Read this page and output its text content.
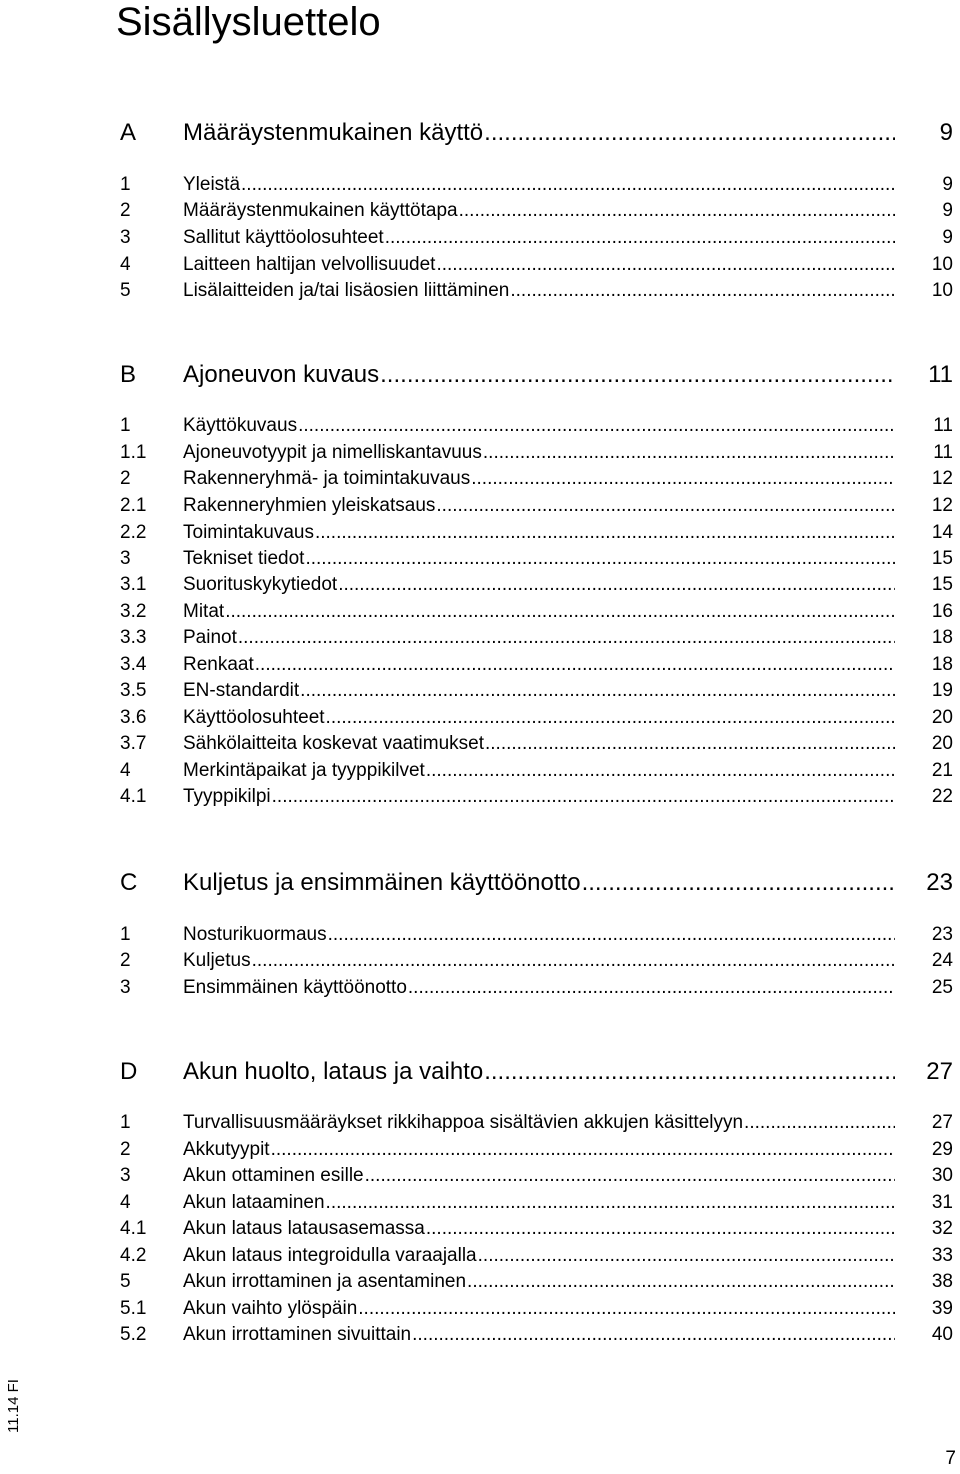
Sisällysluettelo
A	Määräystenmukainen käyttö .....	9
1	Yleistä .....	9
2	Määräystenmukainen käyttötapa .....	9
3	Sallitut käyttöolosuhteet .....	9
4	Laitteen haltijan velvollisuudet .....	10
5	Lisälaitteiden ja/tai lisäosien liittäminen .....	10
B	Ajoneuvon kuvaus .....	11
1	Käyttökuvaus .....	11
1.1	Ajoneuvotyypit ja nimelliskantavuus .....	11
2	Rakenneryhmä- ja toimintakuvaus .....	12
2.1	Rakenneryhmien yleiskatsaus .....	12
2.2	Toimintakuvaus .....	14
3	Tekniset tiedot .....	15
3.1	Suorituskykytiedot .....	15
3.2	Mitat .....	16
3.3	Painot .....	18
3.4	Renkaat .....	18
3.5	EN-standardit .....	19
3.6	Käyttöolosuhteet .....	20
3.7	Sähkölaitteita koskevat vaatimukset .....	20
4	Merkintäpaikat ja tyyppikilvet .....	21
4.1	Tyyppikilpi .....	22
C	Kuljetus ja ensimmäinen käyttöönotto .....	23
1	Nosturikuormaus .....	23
2	Kuljetus .....	24
3	Ensimmäinen käyttöönotto .....	25
D	Akun huolto, lataus ja vaihto .....	27
1	Turvallisuusmääräykset rikkihappoa sisältävien akkujen käsittelyyn .....	27
2	Akkutyypit .....	29
3	Akun ottaminen esille .....	30
4	Akun lataaminen .....	31
4.1	Akun lataus latausasemassa .....	32
4.2	Akun lataus integroidulla varaajalla .....	33
5	Akun irrottaminen ja asentaminen .....	38
5.1	Akun vaihto ylöspäin .....	39
5.2	Akun irrottaminen sivuittain .....	40
11.14 FI
7
